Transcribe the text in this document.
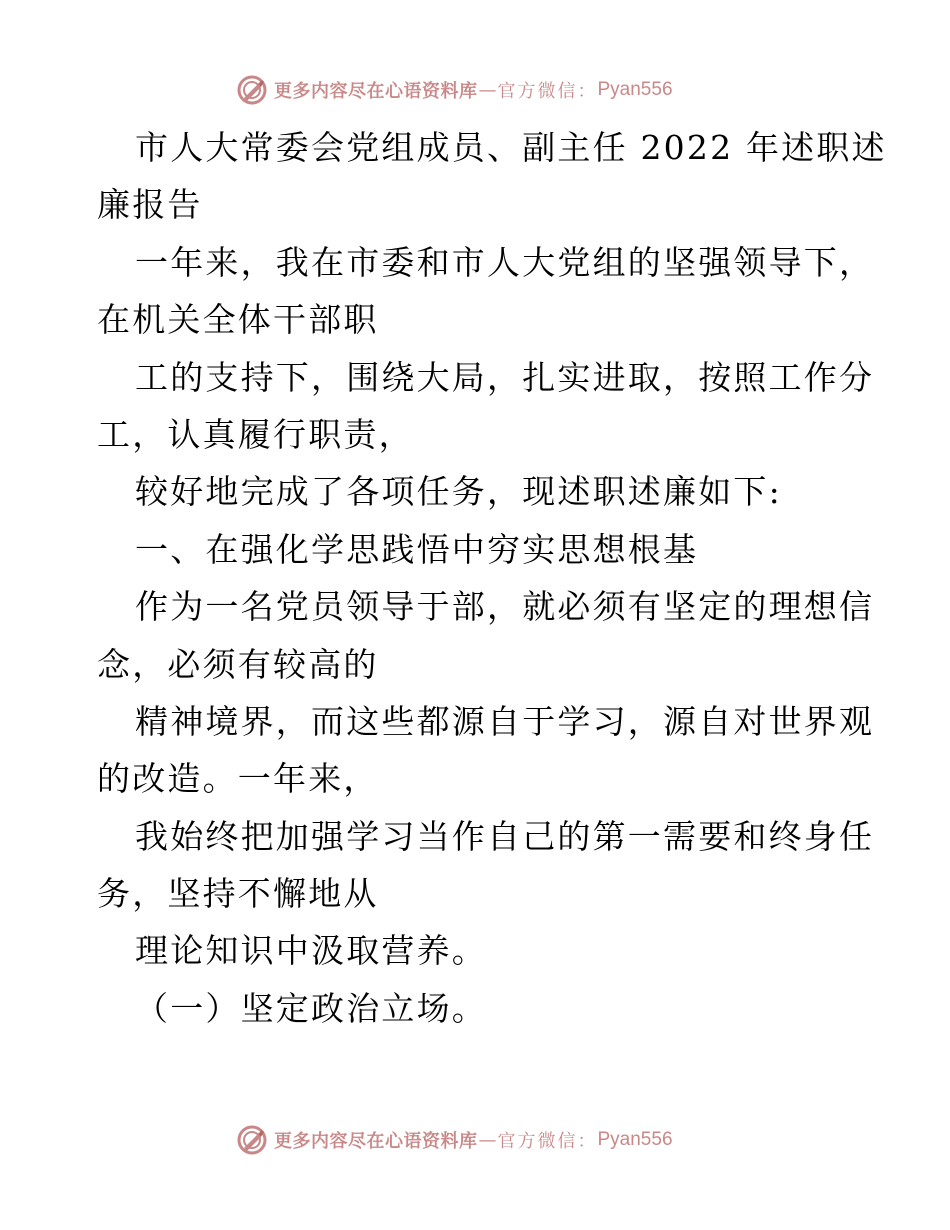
更多内容尽在心语资料库 — 官方微信： Pyan556
市人大常委会党组成员、副主任 2022 年述职述
廉报告
一年来，我在市委和市人大党组的坚强领导下，
在机关全体干部职
工的支持下，围绕大局，扎实进取，按照工作分
工，认真履行职责，
较好地完成了各项任务，现述职述廉如下:
一、在强化学思践悟中穷实思想根基
作为一名党员领导于部，就必须有坚定的理想信
念，必须有较高的
精神境界，而这些都源自于学习，源自对世界观
的改造。一年来，
我始终把加强学习当作自己的第一需要和终身任
务，坚持不懈地从
理论知识中汲取营养。
（一）坚定政治立场。
更多内容尽在心语资料库 — 官方微信： Pyan556
